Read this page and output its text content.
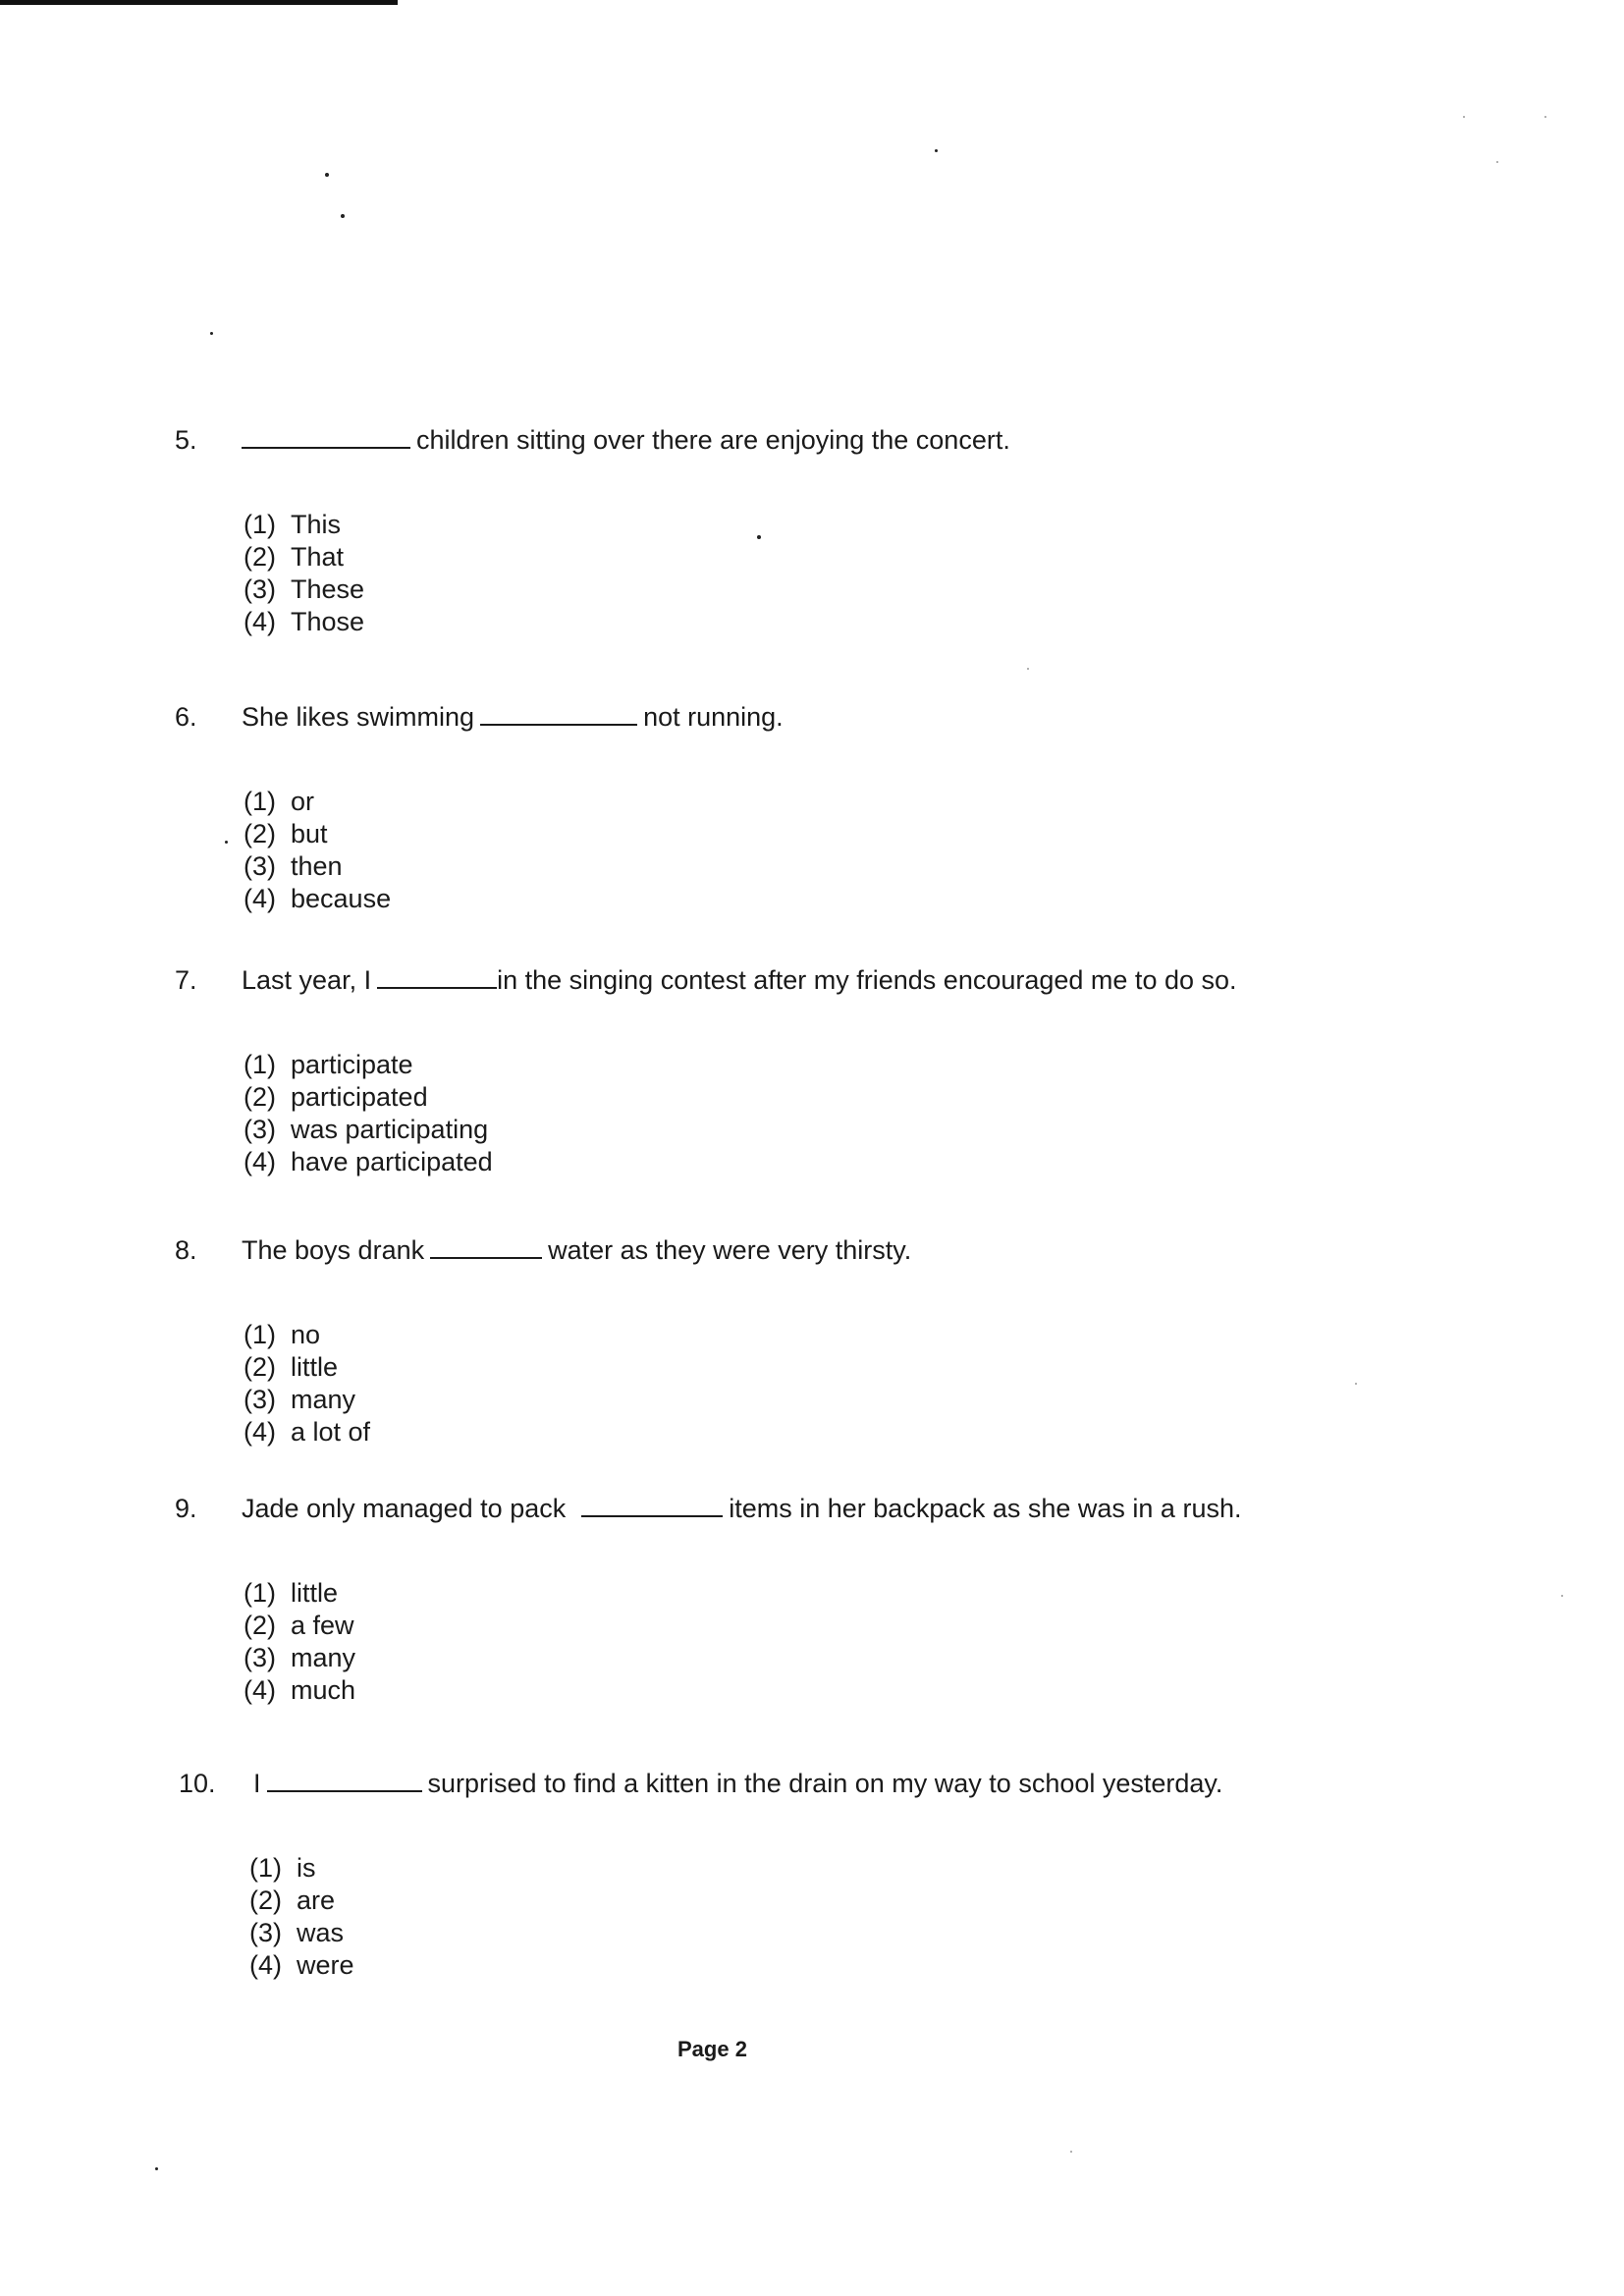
5.	children sitting over there are enjoying the concert.
(1) This
(2) That
(3) These
(4) Those
6. She likes swimming	not running.
(1) or
(2) but
(3) then
(4) because
7. Last year, I	in the singing contest after my friends encouraged me to do so.
(1) participate
(2) participated
(3) was participating
(4) have participated
8. The boys drank	water as they were very thirsty.
(1) no
(2) little
(3) many
(4) a lot of
9. Jade only managed to pack	items in her backpack as she was in a rush.
(1) little
(2) a few
(3) many
(4) much
10. I	surprised to find a kitten in the drain on my way to school yesterday.
(1) is
(2) are
(3) was
(4) were
Page 2
